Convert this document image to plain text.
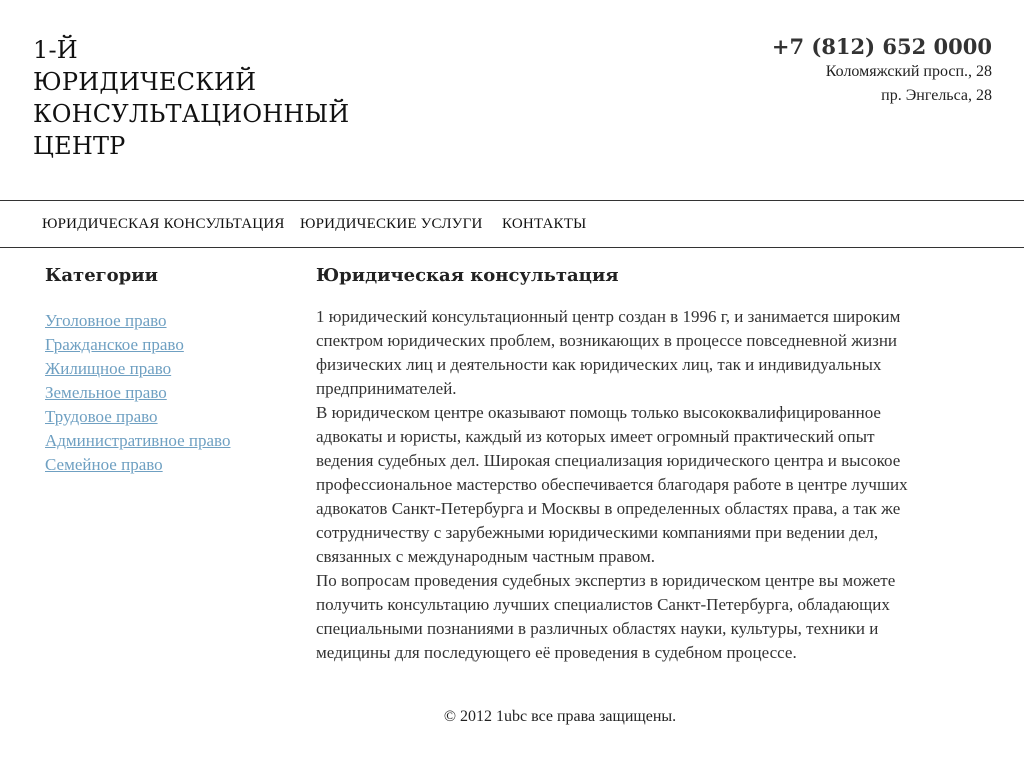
1-Й
ЮРИДИЧЕСКИЙ
КОНСУЛЬТАЦИОННЫЙ
ЦЕНТР
+7 (812) 652 0000
Коломяжский просп., 28
пр. Энгельса, 28
ЮРИДИЧЕСКАЯ КОНСУЛЬТАЦИЯ ЮРИДИЧЕСКИЕ УСЛУГИ КОНТАКТЫ
Категории
Уголовное право
Гражданское право
Жилищное право
Земельное право
Трудовое право
Административное право
Семейное право
Юридическая консультация

1 юридический консультационный центр создан в 1996 г, и занимается широким спектром юридических проблем, возникающих в процессе повседневной жизни физических лиц и деятельности как юридических лиц, так и индивидуальных предпринимателей.
В юридическом центре оказывают помощь только высококвалифицированное адвокаты и юристы, каждый из которых имеет огромный практический опыт ведения судебных дел. Широкая специализация юридического центра и высокое профессиональное мастерство обеспечивается благодаря работе в центре лучших адвокатов Санкт-Петербурга и Москвы в определенных областях права, а так же сотрудничеству с зарубежными юридическими компаниями при ведении дел, связанных с международным частным правом.
По вопросам проведения судебных экспертиз в юридическом центре вы можете получить консультацию лучших специалистов Санкт-Петербурга, обладающих специальными познаниями в различных областях науки, культуры, техники и медицины для последующего её проведения в судебном процессе.

© 2012 1ubc все права защищены.
